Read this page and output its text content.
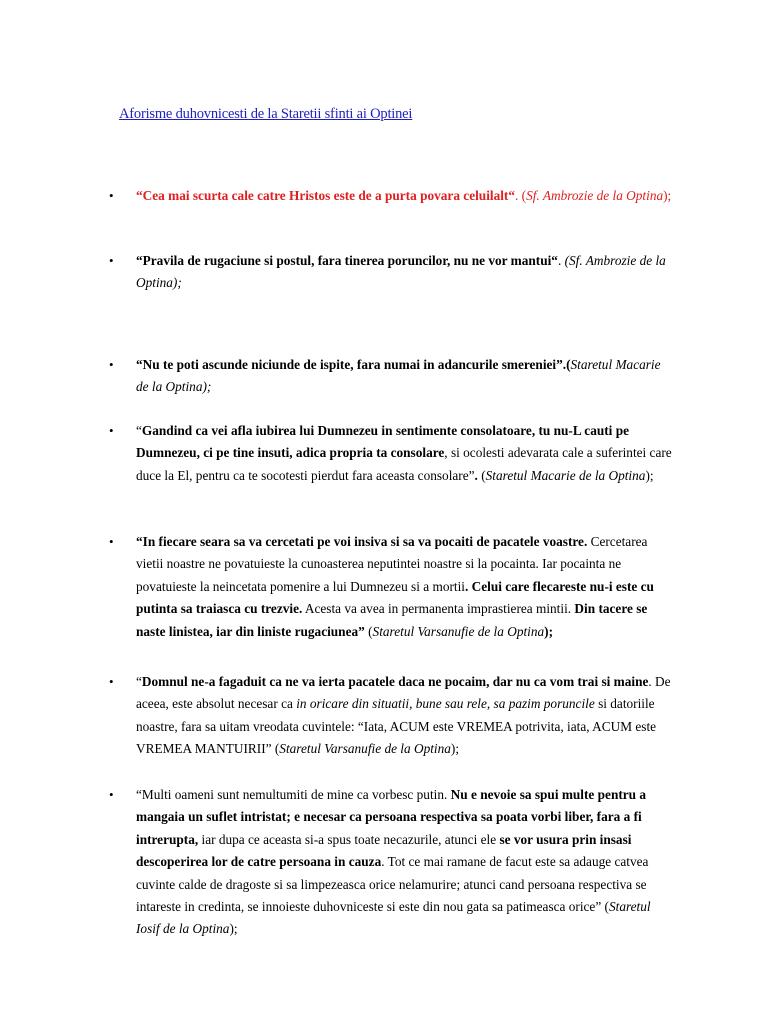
Aforisme duhovnicesti de la Staretii sfinti ai Optinei
• “Cea mai scurta cale catre Hristos este de a purta povara celuilalt“. (Sf. Ambrozie de la Optina);
• “Pravila de rugaciune si postul, fara tinerea poruncilor, nu ne vor mantui“. (Sf. Ambrozie de la Optina);
• “Nu te poti ascunde niciunde de ispite, fara numai in adancurile smereniei”.(Staretul Macarie de la Optina);
• “Gandind ca vei afla iubirea lui Dumnezeu in sentimente consolatoare, tu nu-L cauti pe Dumnezeu, ci pe tine insuti, adica propria ta consolare, si ocolesti adevarata cale a suferintei care duce la El, pentru ca te socotesti pierdut fara aceasta consolare”. (Staretul Macarie de la Optina);
• “In fiecare seara sa va cercetati pe voi insiva si sa va pocaiti de pacatele voastre. Cercetarea vietii noastre ne povatuieste la cunoasterea neputintei noastre si la pocainta. Iar pocainta ne povatuieste la neincetata pomenire a lui Dumnezeu si a mortii. Celui care flecareste nu-i este cu putinta sa traiasca cu trezvie. Acesta va avea in permanenta imprastierea mintii. Din tacere se naste linistea, iar din liniste rugaciunea” (Staretul Varsanufie de la Optina);
• “Domnul ne-a fagaduit ca ne va ierta pacatele daca ne pocaim, dar nu ca vom trai si maine. De aceea, este absolut necesar ca in oricare din situatii, bune sau rele, sa pazim poruncile si datoriile noastre, fara sa uitam vreodata cuvintele: “Iata, ACUM este VREMEA potrivita, iata, ACUM este VREMEA MANTUIRII” (Staretul Varsanufie de la Optina);
• “Multi oameni sunt nemultumiti de mine ca vorbesc putin. Nu e nevoie sa spui multe pentru a mangaia un suflet intristat; e necesar ca persoana respectiva sa poata vorbi liber, fara a fi intrerupta, iar dupa ce aceasta si-a spus toate necazurile, atunci ele se vor usura prin insasi descoperirea lor de catre persoana in cauza. Tot ce mai ramane de facut este sa adauge catvea cuvinte calde de dragoste si sa limpezeasca orice nelamurire; atunci cand persoana respectiva se intareste in credinta, se innoieste duhovniceste si este din nou gata sa patimeasca orice” (Staretul Iosif de la Optina);
